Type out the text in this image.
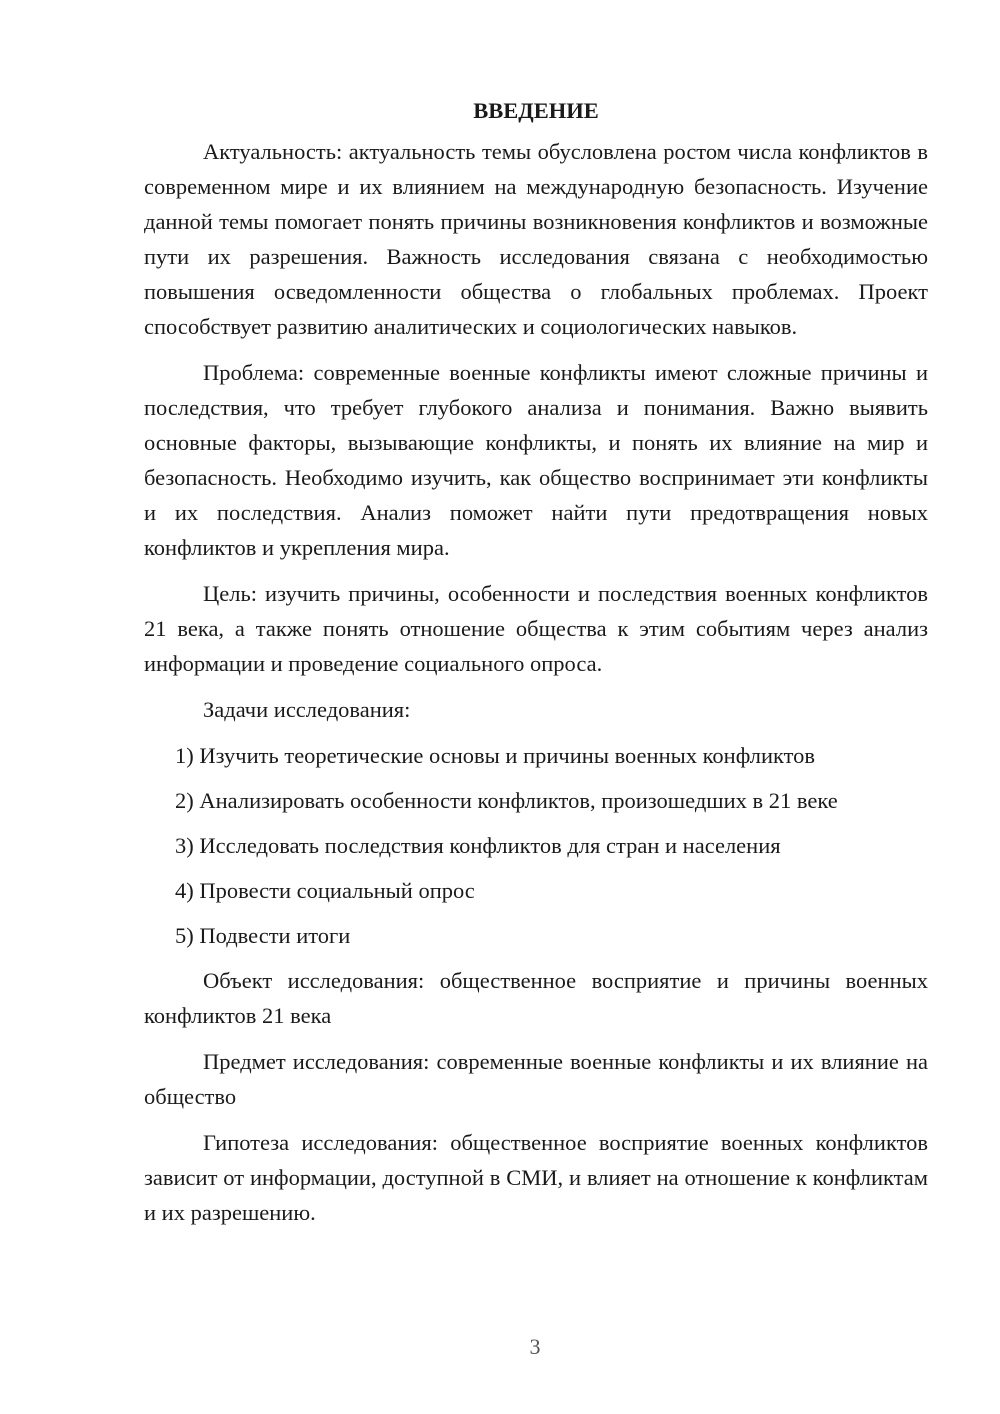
ВВЕДЕНИЕ

Актуальность: актуальность темы обусловлена ростом числа конфликтов в современном мире и их влиянием на международную безопасность. Изучение данной темы помогает понять причины возникновения конфликтов и возможные пути их разрешения. Важность исследования связана с необходимостью повышения осведомленности общества о глобальных проблемах. Проект способствует развитию аналитических и социологических навыков.

Проблема: современные военные конфликты имеют сложные причины и последствия, что требует глубокого анализа и понимания. Важно выявить основные факторы, вызывающие конфликты, и понять их влияние на мир и безопасность. Необходимо изучить, как общество воспринимает эти конфликты и их последствия. Анализ поможет найти пути предотвращения новых конфликтов и укрепления мира.

Цель: изучить причины, особенности и последствия военных конфликтов 21 века, а также понять отношение общества к этим событиям через анализ информации и проведение социального опроса.

Задачи исследования:

1) Изучить теоретические основы и причины военных конфликтов
2) Анализировать особенности конфликтов, произошедших в 21 веке
3) Исследовать последствия конфликтов для стран и населения
4) Провести социальный опрос
5) Подвести итоги

Объект исследования: общественное восприятие и причины военных конфликтов 21 века

Предмет исследования: современные военные конфликты и их влияние на общество

Гипотеза исследования: общественное восприятие военных конфликтов зависит от информации, доступной в СМИ, и влияет на отношение к конфликтам и их разрешению.

3
